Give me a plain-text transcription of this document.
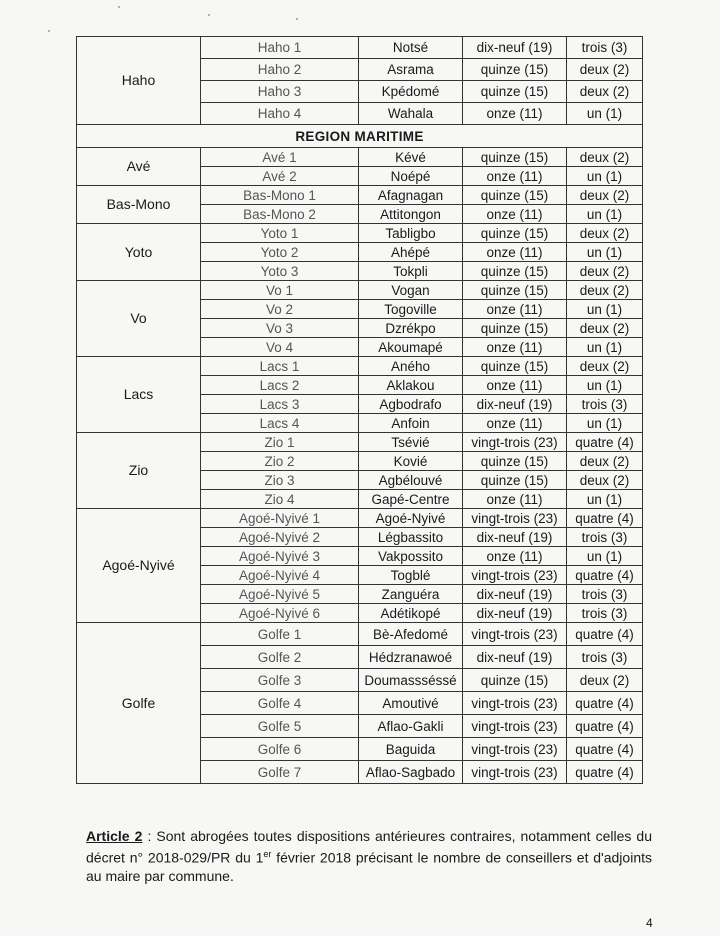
Haho	Haho 1	Notsé	dix-neuf (19)	trois (3)
	Haho 2	Asrama	quinze (15)	deux (2)
	Haho 3	Kpédomé	quinze (15)	deux (2)
	Haho 4	Wahala	onze (11)	un (1)
REGION MARITIME				
Avé	Avé 1	Kévé	quinze (15)	deux (2)
	Avé 2	Noépé	onze (11)	un (1)
Bas-Mono	Bas-Mono 1	Afagnagan	quinze (15)	deux (2)
	Bas-Mono 2	Attitongon	onze (11)	un (1)
Yoto	Yoto 1	Tabligbo	quinze (15)	deux (2)
	Yoto 2	Ahépé	onze (11)	un (1)
	Yoto 3	Tokpli	quinze (15)	deux (2)
Vo	Vo 1	Vogan	quinze (15)	deux (2)
	Vo 2	Togoville	onze (11)	un (1)
	Vo 3	Dzrékpo	quinze (15)	deux (2)
	Vo 4	Akoumapé	onze (11)	un (1)
Lacs	Lacs 1	Aného	quinze (15)	deux (2)
	Lacs 2	Aklakou	onze (11)	un (1)
	Lacs 3	Agbodrafo	dix-neuf (19)	trois (3)
	Lacs 4	Anfoin	onze (11)	un (1)
Zio	Zio 1	Tsévié	vingt-trois (23)	quatre (4)
	Zio 2	Kovié	quinze (15)	deux (2)
	Zio 3	Agbélouvé	quinze (15)	deux (2)
	Zio 4	Gapé-Centre	onze (11)	un (1)
Agoé-Nyivé	Agoé-Nyivé 1	Agoé-Nyivé	vingt-trois (23)	quatre (4)
	Agoé-Nyivé 2	Légbassito	dix-neuf (19)	trois (3)
	Agoé-Nyivé 3	Vakpossito	onze (11)	un (1)
	Agoé-Nyivé 4	Togblé	vingt-trois (23)	quatre (4)
	Agoé-Nyivé 5	Zanguéra	dix-neuf (19)	trois (3)
	Agoé-Nyivé 6	Adétikopé	dix-neuf (19)	trois (3)
Golfe	Golfe 1	Bè-Afedomé	vingt-trois (23)	quatre (4)
	Golfe 2	Hédzranawoé	dix-neuf (19)	trois (3)
	Golfe 3	Doumassséssé	quinze (15)	deux (2)
	Golfe 4	Amoutivé	vingt-trois (23)	quatre (4)
	Golfe 5	Aflao-Gakli	vingt-trois (23)	quatre (4)
	Golfe 6	Baguida	vingt-trois (23)	quatre (4)
	Golfe 7	Aflao-Sagbado	vingt-trois (23)	quatre (4)
Article 2 : Sont abrogées toutes dispositions antérieures contraires, notamment celles du décret n° 2018-029/PR du 1er février 2018 précisant le nombre de conseillers et d'adjoints au maire par commune.
4
